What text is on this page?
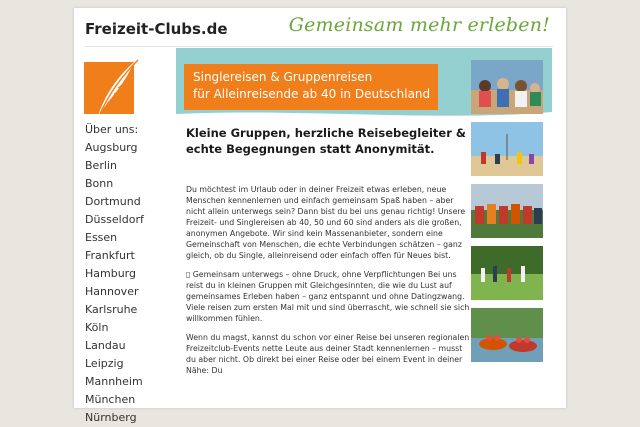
Freizeit-Clubs.de	Gemeinsam mehr erleben!
Über uns:
Augsburg
Berlin
Bonn
Dortmund
Düsseldorf
Essen
Frankfurt
Hamburg
Hannover
Karlsruhe
Köln
Landau
Leipzig
Mannheim
München
Nürnberg
Singlereisen & Gruppenreisen
für Alleinreisende ab 40 in Deutschland
Kleine Gruppen, herzliche Reisebegleiter & echte Begegnungen statt Anonymität.

Du möchtest im Urlaub oder in deiner Freizeit etwas erleben, neue Menschen kennenlernen und einfach gemeinsam Spaß haben – aber nicht allein unterwegs sein? Dann bist du bei uns genau richtig! Unsere Freizeit- und Singlereisen ab 40, 50 und 60 sind anders als die großen, anonymen Angebote. Wir sind kein Massenanbieter, sondern eine Gemeinschaft von Menschen, die echte Verbindungen schätzen – ganz gleich, ob du Single, alleinreisend oder einfach offen für Neues bist.

▯ Gemeinsam unterwegs – ohne Druck, ohne Verpflichtungen Bei uns reist du in kleinen Gruppen mit Gleichgesinnten, die wie du Lust auf gemeinsames Erleben haben – ganz entspannt und ohne Datingzwang. Viele reisen zum ersten Mal mit und sind überrascht, wie schnell sie sich willkommen fühlen.

Wenn du magst, kannst du schon vor einer Reise bei unseren regionalen Freizeitclub-Events nette Leute aus deiner Stadt kennenlernen – musst du aber nicht. Ob direkt bei einer Reise oder bei einem Event in deiner Nähe: Du
